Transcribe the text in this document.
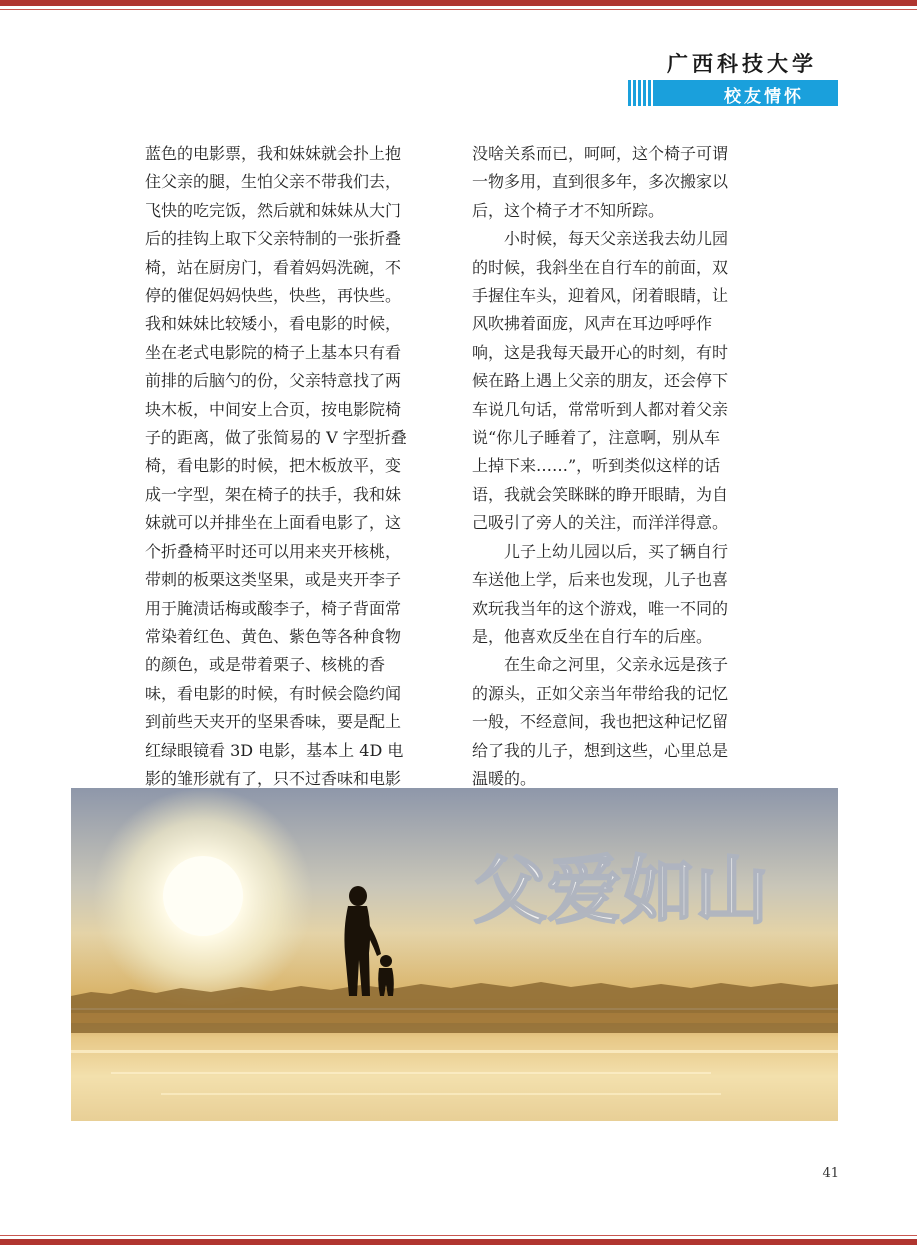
广西科技大学
校友情怀

蓝色的电影票，我和妹妹就会扑上抱
住父亲的腿，生怕父亲不带我们去，
飞快的吃完饭，然后就和妹妹从大门
后的挂钩上取下父亲特制的一张折叠
椅，站在厨房门，看着妈妈洗碗，不
停的催促妈妈快些，快些，再快些。
我和妹妹比较矮小，看电影的时候，
坐在老式电影院的椅子上基本只有看
前排的后脑勺的份，父亲特意找了两
块木板，中间安上合页，按电影院椅
子的距离，做了张简易的 V 字型折叠
椅，看电影的时候，把木板放平，变
成一字型，架在椅子的扶手，我和妹
妹就可以并排坐在上面看电影了，这
个折叠椅平时还可以用来夹开核桃，
带刺的板栗这类坚果，或是夹开李子
用于腌渍话梅或酸李子，椅子背面常
常染着红色、黄色、紫色等各种食物
的颜色，或是带着栗子、核桃的香
味，看电影的时候，有时候会隐约闻
到前些天夹开的坚果香味，要是配上
红绿眼镜看 3D 电影，基本上 4D 电
影的雏形就有了，只不过香味和电影

没啥关系而已，呵呵，这个椅子可谓
一物多用，直到很多年，多次搬家以
后，这个椅子才不知所踪。

小时候，每天父亲送我去幼儿园
的时候，我斜坐在自行车的前面，双
手握住车头，迎着风，闭着眼睛，让
风吹拂着面庞，风声在耳边呼呼作
响，这是我每天最开心的时刻，有时
候在路上遇上父亲的朋友，还会停下
车说几句话，常常听到人都对着父亲
说“你儿子睡着了，注意啊，别从车
上掉下来……”，听到类似这样的话
语，我就会笑眯眯的睁开眼睛，为自
己吸引了旁人的关注，而洋洋得意。

儿子上幼儿园以后，买了辆自行
车送他上学，后来也发现，儿子也喜
欢玩我当年的这个游戏，唯一不同的
是，他喜欢反坐在自行车的后座。

在生命之河里，父亲永远是孩子
的源头，正如父亲当年带给我的记忆
一般，不经意间，我也把这种记忆留
给了我的儿子，想到这些，心里总是
温暖的。

父爱如山
41
